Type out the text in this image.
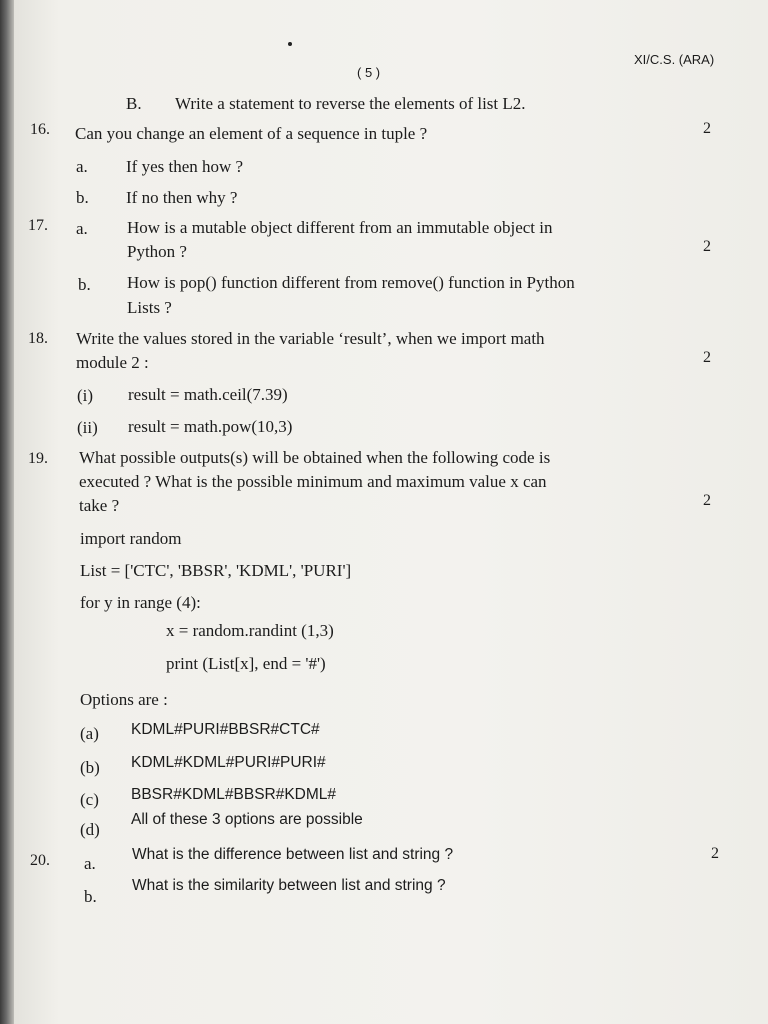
( 5 )
XI/C.S. (ARA)
B. Write a statement to reverse the elements of list L2.
16. Can you change an element of a sequence in tuple ?	2
a. If yes then how ?
b. If no then why ?
17. a. How is a mutable object different from an immutable object in
Python ?	2
b. How is pop() function different from remove() function in Python
Lists ?
18. Write the values stored in the variable ‘result’, when we import math
module 2 :	2
(i) result = math.ceil(7.39)
(ii) result = math.pow(10,3)
19. What possible outputs(s) will be obtained when the following code is
executed ? What is the possible minimum and maximum value x can
take ?	2
import random
List = ['CTC', 'BBSR', 'KDML', 'PURI']
for y in range (4):
x = random.randint (1,3)
print (List[x], end = '#')
Options are :
(a) KDML#PURI#BBSR#CTC#
(b) KDML#KDML#PURI#PURI#
(c) BBSR#KDML#BBSR#KDML#
(d)
All of these 3 options are possible
20. a. What is the difference between list and string ?	2
b.
What is the similarity between list and string ?
